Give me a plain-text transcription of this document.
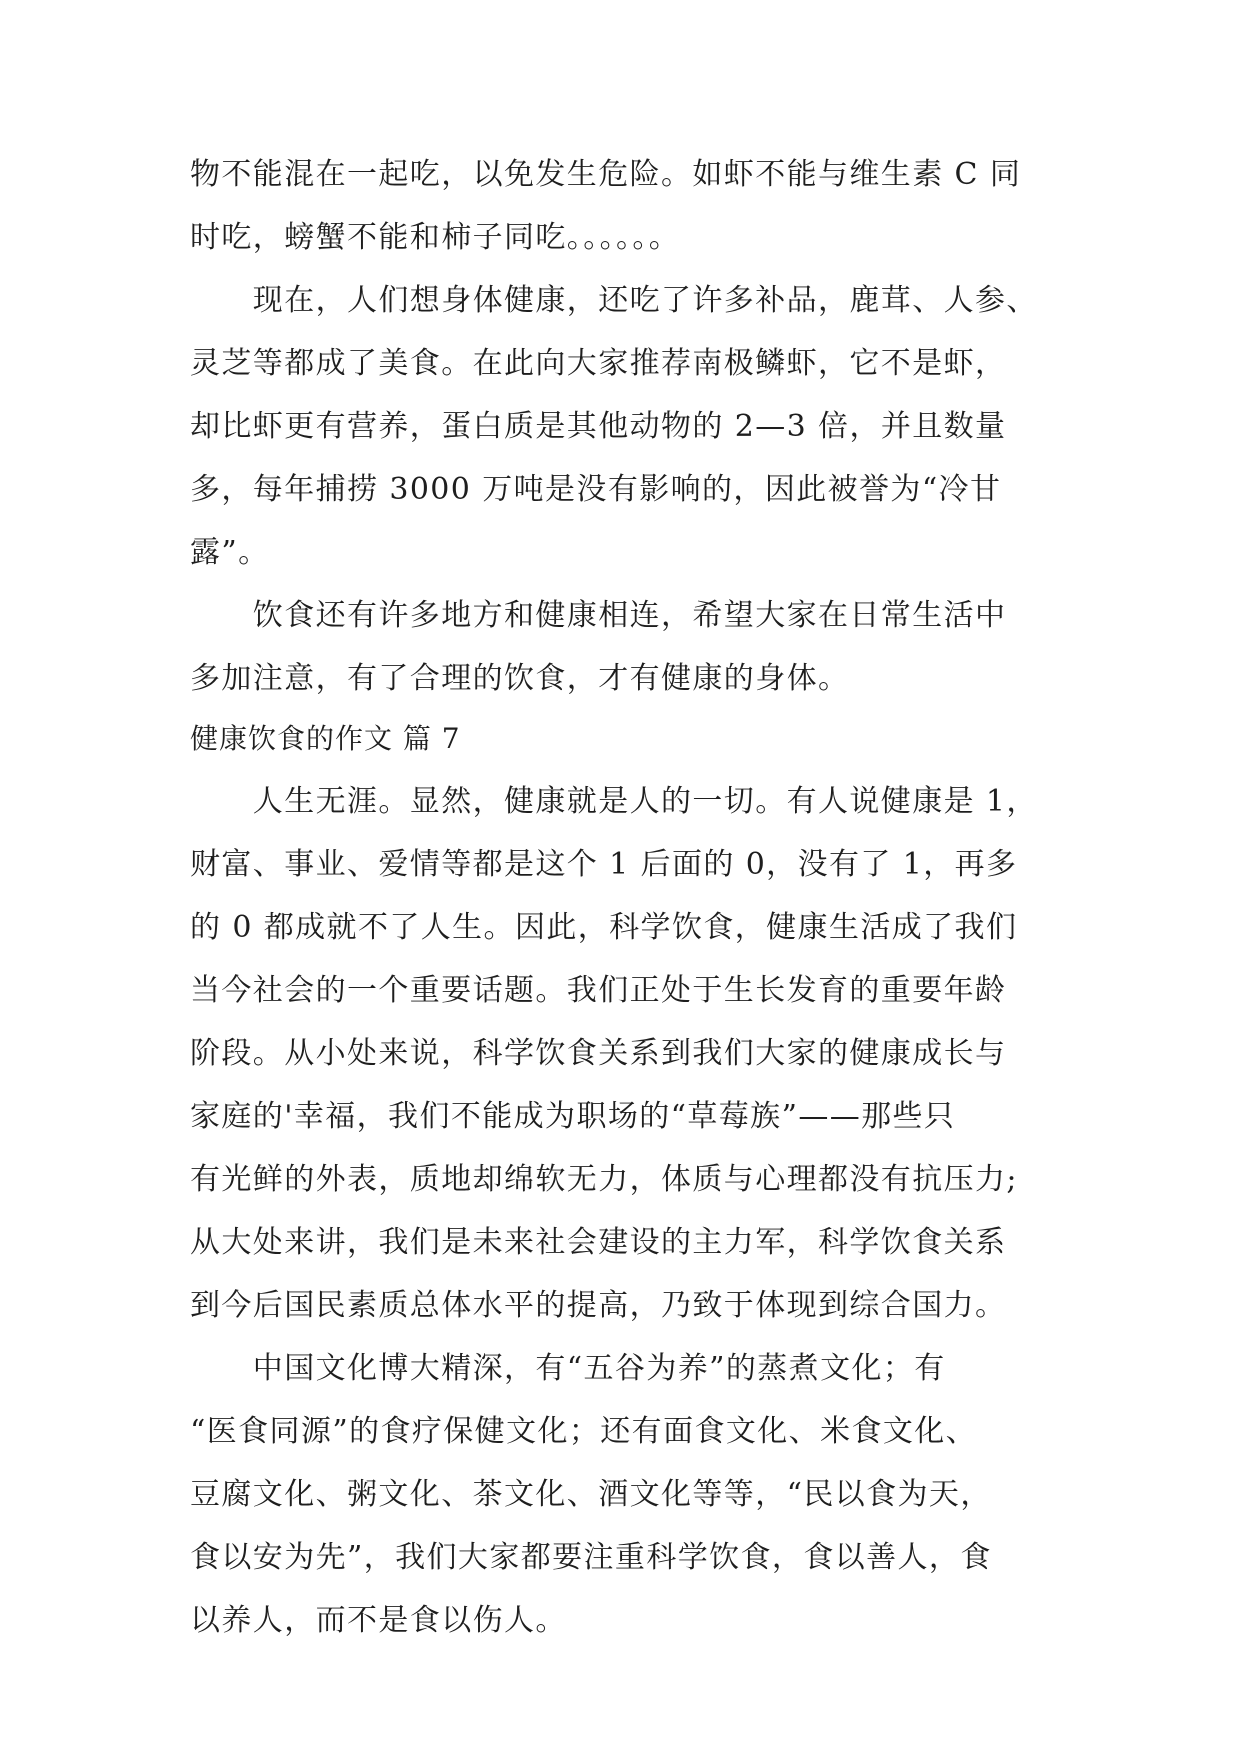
物不能混在一起吃，以免发生危险。如虾不能与维生素 C 同
时吃，螃蟹不能和柿子同吃。。。。。。
　　现在，人们想身体健康，还吃了许多补品，鹿茸、人参、
灵芝等都成了美食。在此向大家推荐南极鳞虾，它不是虾，
却比虾更有营养，蛋白质是其他动物的 2—3 倍，并且数量
多，每年捕捞 3000 万吨是没有影响的，因此被誉为“冷甘
露”。
　　饮食还有许多地方和健康相连，希望大家在日常生活中
多加注意，有了合理的饮食，才有健康的身体。
健康饮食的作文 篇 7
　　人生无涯。显然，健康就是人的一切。有人说健康是 1，
财富、事业、爱情等都是这个 1 后面的 0，没有了 1，再多
的 0 都成就不了人生。因此，科学饮食，健康生活成了我们
当今社会的一个重要话题。我们正处于生长发育的重要年龄
阶段。从小处来说，科学饮食关系到我们大家的健康成长与
家庭的'幸福，我们不能成为职场的“草莓族”——那些只
有光鲜的外表，质地却绵软无力，体质与心理都没有抗压力;
从大处来讲，我们是未来社会建设的主力军，科学饮食关系
到今后国民素质总体水平的提高，乃致于体现到综合国力。
　　中国文化博大精深，有“五谷为养”的蒸煮文化；有
“医食同源”的食疗保健文化；还有面食文化、米食文化、
豆腐文化、粥文化、茶文化、酒文化等等，“民以食为天，
食以安为先”，我们大家都要注重科学饮食，食以善人，食
以养人，而不是食以伤人。
